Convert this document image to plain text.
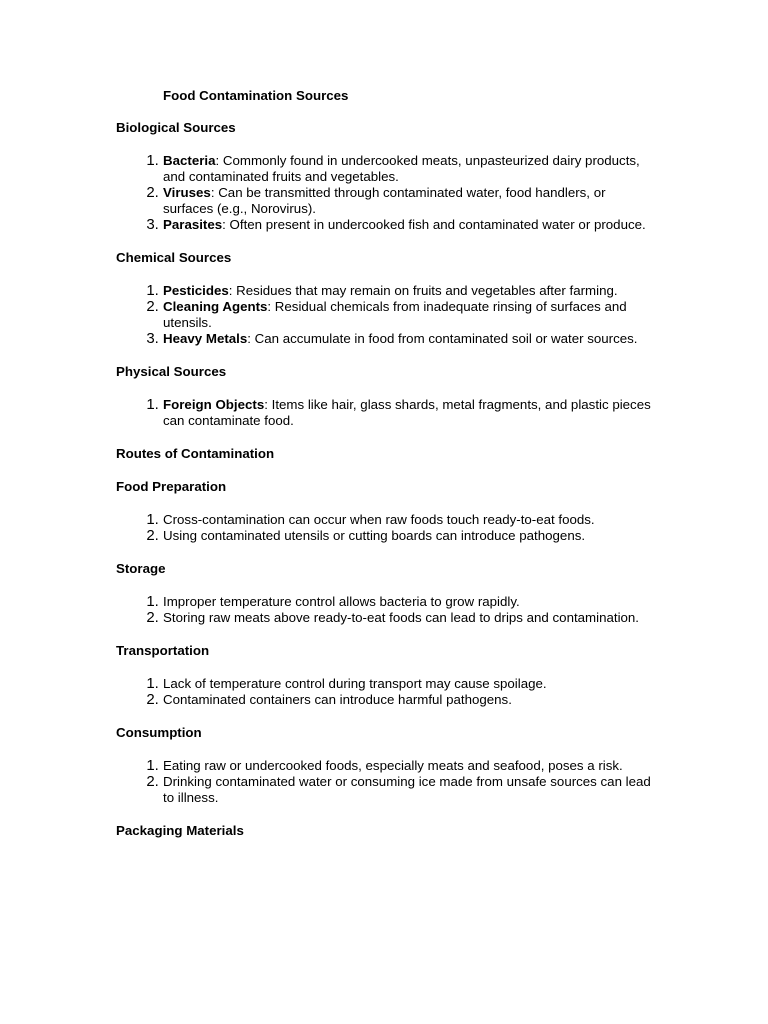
Food Contamination Sources
Biological Sources
1. Bacteria: Commonly found in undercooked meats, unpasteurized dairy products, and contaminated fruits and vegetables.
2. Viruses: Can be transmitted through contaminated water, food handlers, or surfaces (e.g., Norovirus).
3. Parasites: Often present in undercooked fish and contaminated water or produce.
Chemical Sources
1. Pesticides: Residues that may remain on fruits and vegetables after farming.
2. Cleaning Agents: Residual chemicals from inadequate rinsing of surfaces and utensils.
3. Heavy Metals: Can accumulate in food from contaminated soil or water sources.
Physical Sources
1. Foreign Objects: Items like hair, glass shards, metal fragments, and plastic pieces can contaminate food.
Routes of Contamination
Food Preparation
1. Cross-contamination can occur when raw foods touch ready-to-eat foods.
2. Using contaminated utensils or cutting boards can introduce pathogens.
Storage
1. Improper temperature control allows bacteria to grow rapidly.
2. Storing raw meats above ready-to-eat foods can lead to drips and contamination.
Transportation
1. Lack of temperature control during transport may cause spoilage.
2. Contaminated containers can introduce harmful pathogens.
Consumption
1. Eating raw or undercooked foods, especially meats and seafood, poses a risk.
2. Drinking contaminated water or consuming ice made from unsafe sources can lead to illness.
Packaging Materials
